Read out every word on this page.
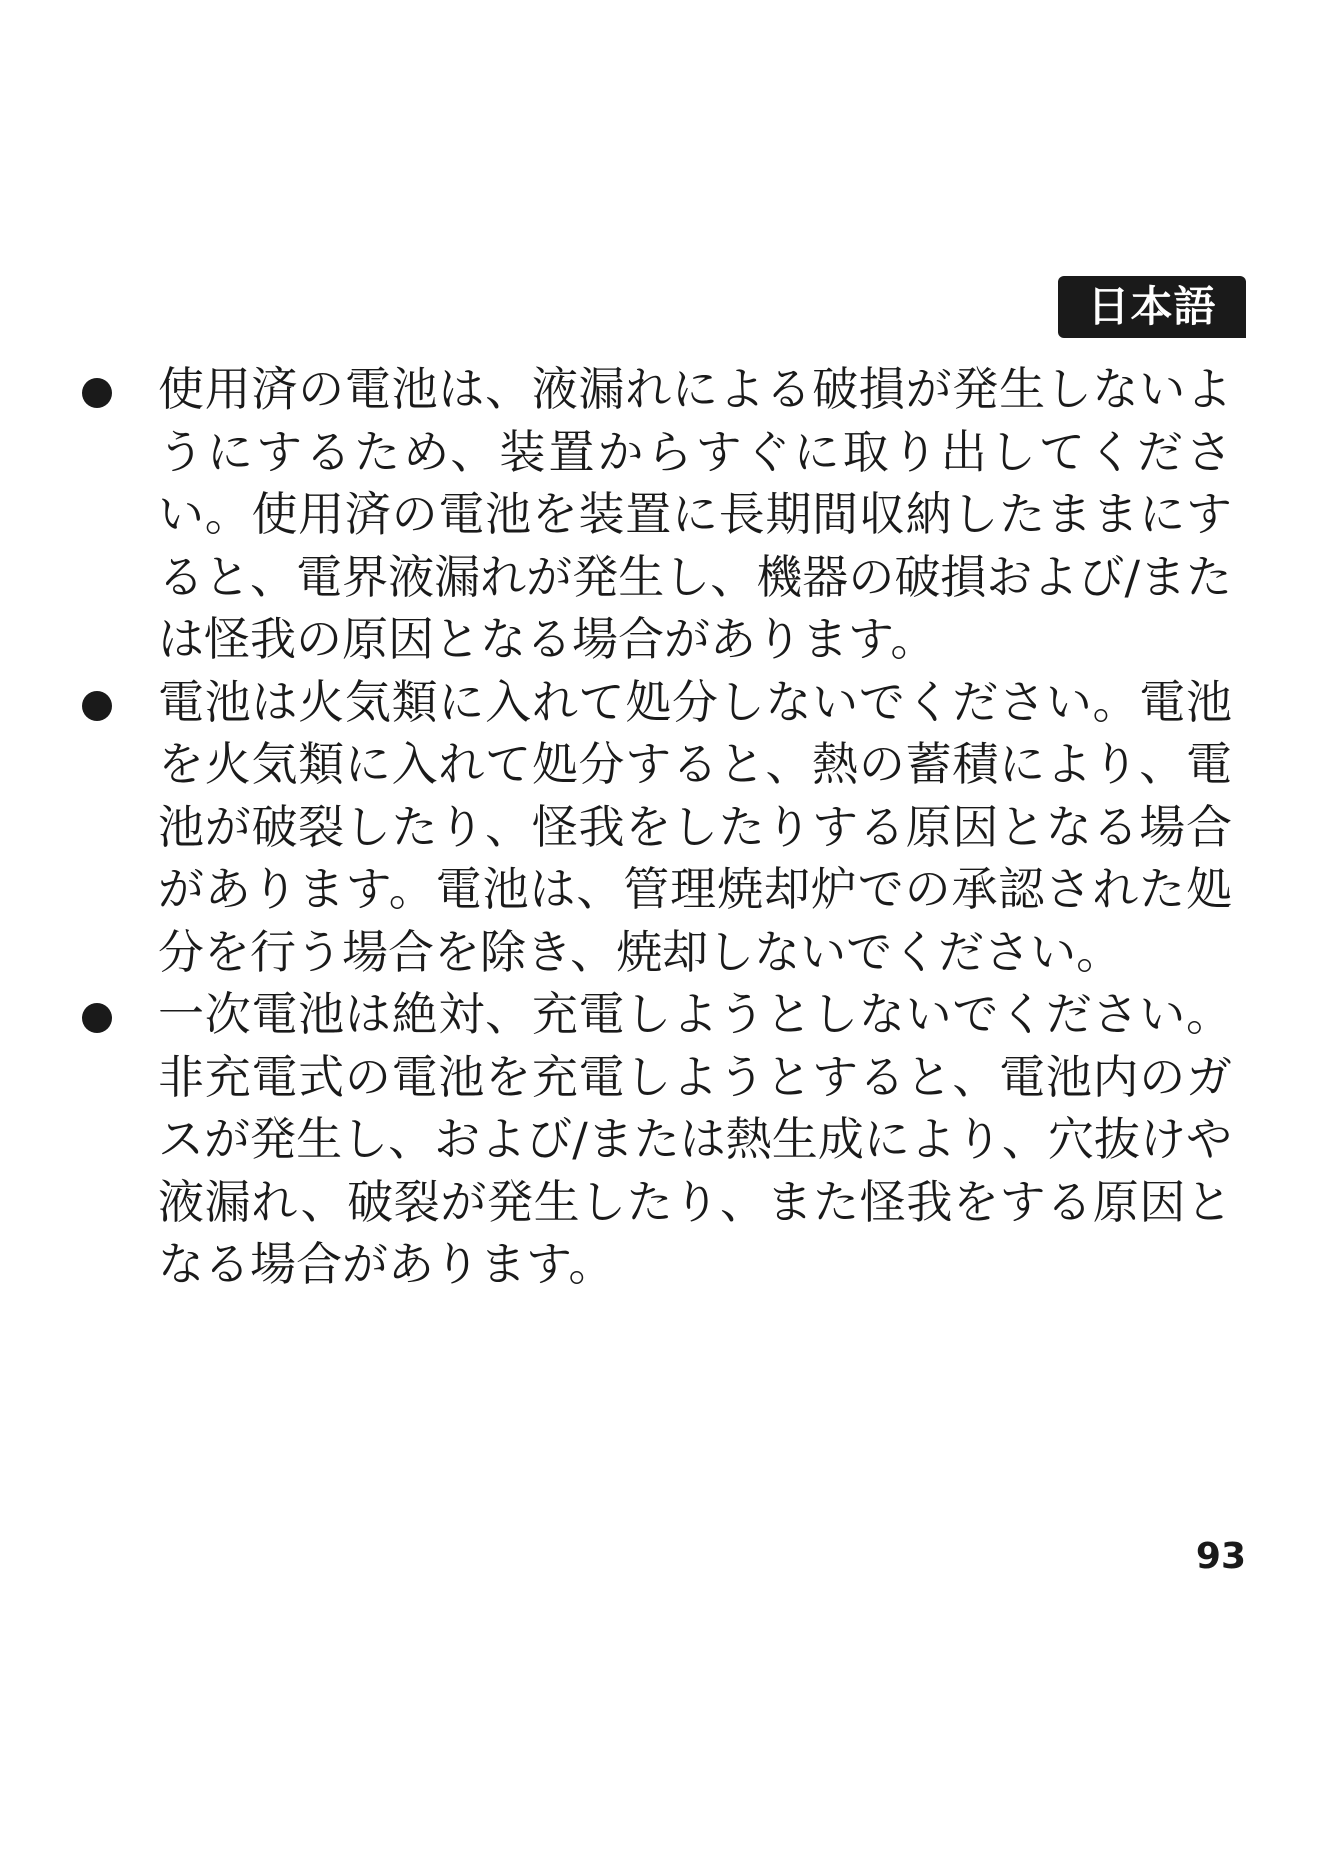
日本語

使用済の電池は、液漏れによる破損が発生しないようにするため、装置からすぐに取り出してください。使用済の電池を装置に長期間収納したままにすると、電界液漏れが発生し、機器の破損および/または怪我の原因となる場合があります。

電池は火気類に入れて処分しないでください。電池を火気類に入れて処分すると、熱の蓄積により、電池が破裂したり、怪我をしたりする原因となる場合があります。電池は、管理焼却炉での承認された処分を行う場合を除き、焼却しないでください。

一次電池は絶対、充電しようとしないでください。非充電式の電池を充電しようとすると、電池内のガスが発生し、および/または熱生成により、穴抜けや液漏れ、破裂が発生したり、また怪我をする原因となる場合があります。

93
